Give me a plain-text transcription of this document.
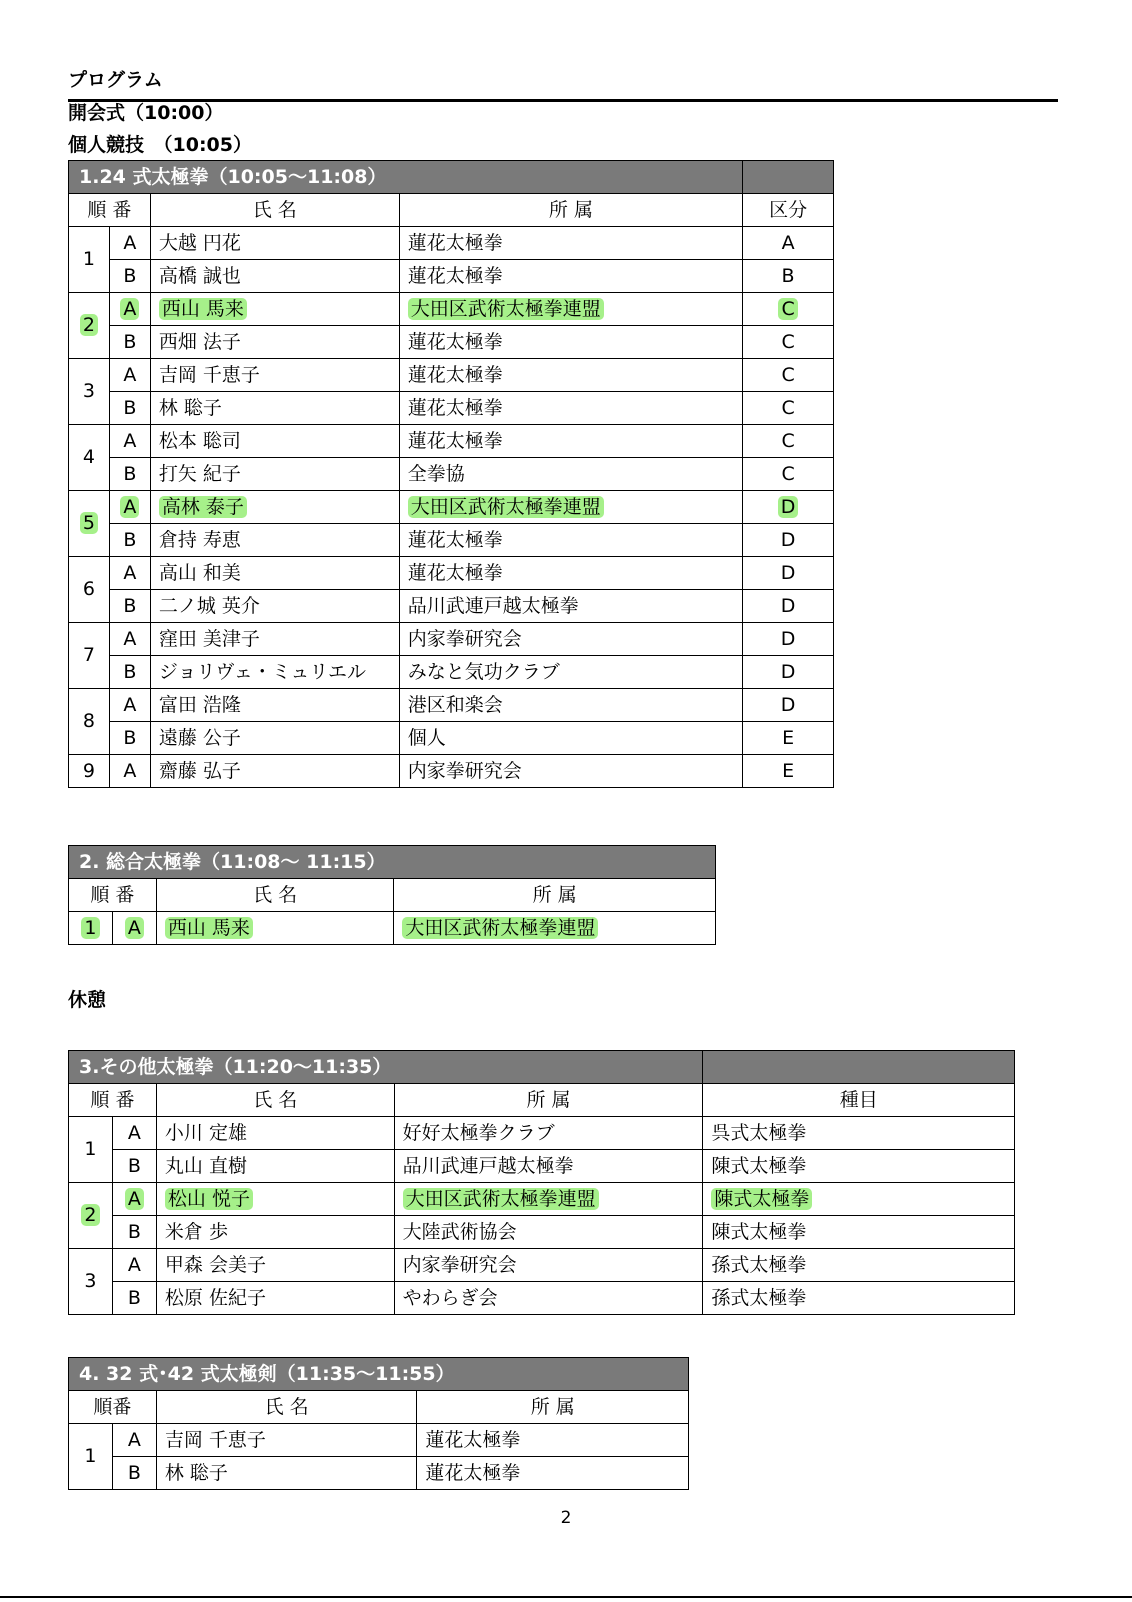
プログラム
開会式（10:00）
個人競技　（10:05）
1.24 式太極拳（10:05～11:08）				
順 番		氏 名	所 属	区分
1	A	大越 円花	蓮花太極拳	A
	B	高橋 誠也	蓮花太極拳	B
2	A	西山 馬来	大田区武術太極拳連盟	C
	B	西畑 法子	蓮花太極拳	C
3	A	吉岡 千恵子	蓮花太極拳	C
	B	林 聡子	蓮花太極拳	C
4	A	松本 聡司	蓮花太極拳	C
	B	打矢 紀子	全拳協	C
5	A	高林 泰子	大田区武術太極拳連盟	D
	B	倉持 寿恵	蓮花太極拳	D
6	A	高山 和美	蓮花太極拳	D
	B	二ノ城 英介	品川武連戸越太極拳	D
7	A	窪田 美津子	内家拳研究会	D
	B	ジョリヴェ・ミュリエル	みなと気功クラブ	D
8	A	富田 浩隆	港区和楽会	D
	B	遠藤 公子	個人	E
9	A	齋藤 弘子	内家拳研究会	E
2. 総合太極拳（11:08～ 11:15）			
順 番		氏 名	所 属
1	A	西山 馬来	大田区武術太極拳連盟
休憩
3.その他太極拳（11:20～11:35）				
順 番		氏 名	所 属	種目
1	A	小川 定雄	好好太極拳クラブ	呉式太極拳
	B	丸山 直樹	品川武連戸越太極拳	陳式太極拳
2	A	松山 悦子	大田区武術太極拳連盟	陳式太極拳
	B	米倉 歩	大陸武術協会	陳式太極拳
3	A	甲森 会美子	内家拳研究会	孫式太極拳
	B	松原 佐紀子	やわらぎ会	孫式太極拳
4. 32 式･42 式太極剣（11:35～11:55）			
順番		氏 名	所 属
1	A	吉岡 千恵子	蓮花太極拳
	B	林 聡子	蓮花太極拳
2
